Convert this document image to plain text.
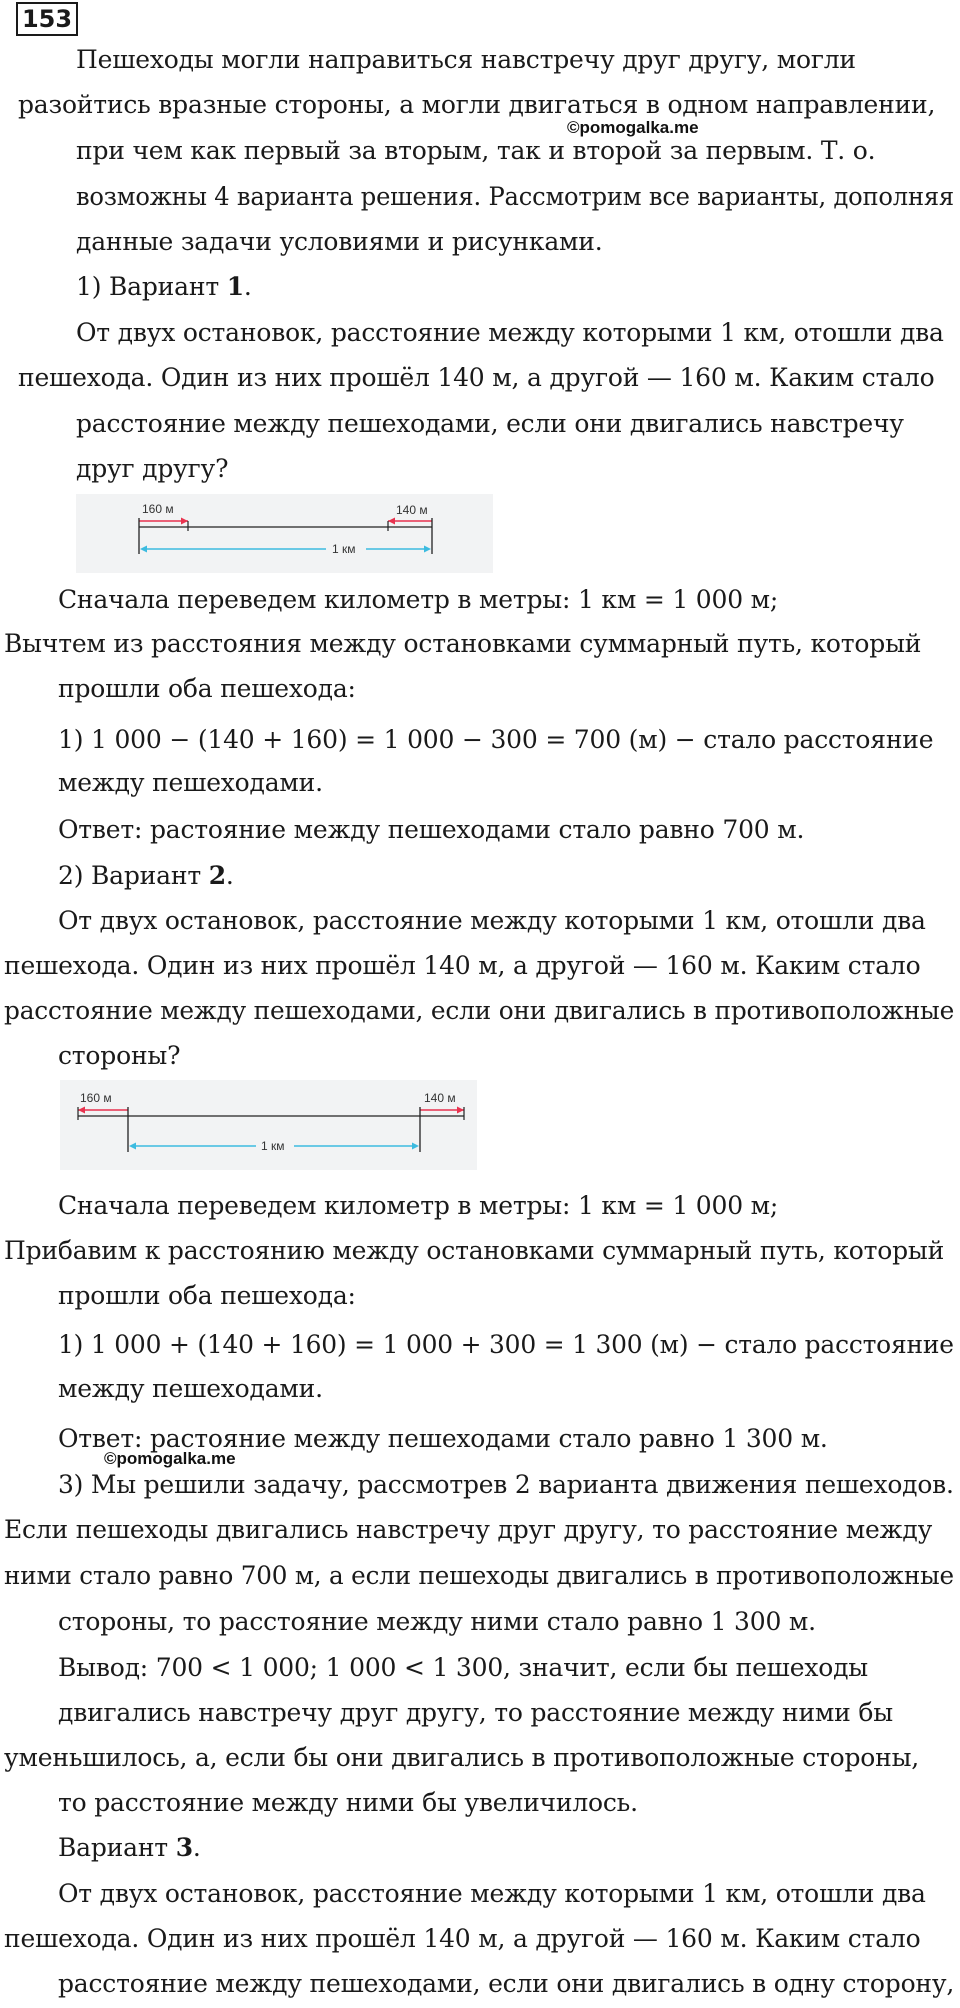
153
Пешеходы могли направиться навстречу друг другу, могли
разойтись вразные стороны, а могли двигаться в одном направлении,
©pomogalka.me
при чем как первый за вторым, так и второй за первым. Т. о.
возможны 4 варианта решения. Рассмотрим все варианты, дополняя
данные задачи условиями и рисунками.
1) Вариант 1.
От двух остановок, расстояние между которыми 1 км, отошли два
пешехода. Один из них прошёл 140 м, а другой — 160 м. Каким стало
расстояние между пешеходами, если они двигались навстречу
друг другу?
160 м	140 м
1 км
Сначала переведем километр в метры: 1 км = 1 000 м;
Вычтем из расстояния между остановками суммарный путь, который
прошли оба пешехода:
1) 1 000 − (140 + 160) = 1 000 − 300 = 700 (м) − стало расстояние
между пешеходами.
Ответ: растояние между пешеходами стало равно 700 м.
2) Вариант 2.
От двух остановок, расстояние между которыми 1 км, отошли два
пешехода. Один из них прошёл 140 м, а другой — 160 м. Каким стало
расстояние между пешеходами, если они двигались в противоположные
стороны?
160 м	140 м
1 км
Сначала переведем километр в метры: 1 км = 1 000 м;
Прибавим к расстоянию между остановками суммарный путь, который
прошли оба пешехода:
1) 1 000 + (140 + 160) = 1 000 + 300 = 1 300 (м) − стало расстояние
между пешеходами.
Ответ: растояние между пешеходами стало равно 1 300 м.
©pomogalka.me
3) Мы решили задачу, рассмотрев 2 варианта движения пешеходов.
Если пешеходы двигались навстречу друг другу, то расстояние между
ними стало равно 700 м, а если пешеходы двигались в противоположные
стороны, то расстояние между ними стало равно 1 300 м.
Вывод: 700 < 1 000; 1 000 < 1 300, значит, если бы пешеходы
двигались навстречу друг другу, то расстояние между ними бы
уменьшилось, а, если бы они двигались в противоположные стороны,
то расстояние между ними бы увеличилось.
Вариант 3.
От двух остановок, расстояние между которыми 1 км, отошли два
пешехода. Один из них прошёл 140 м, а другой — 160 м. Каким стало
расстояние между пешеходами, если они двигались в одну сторону,
